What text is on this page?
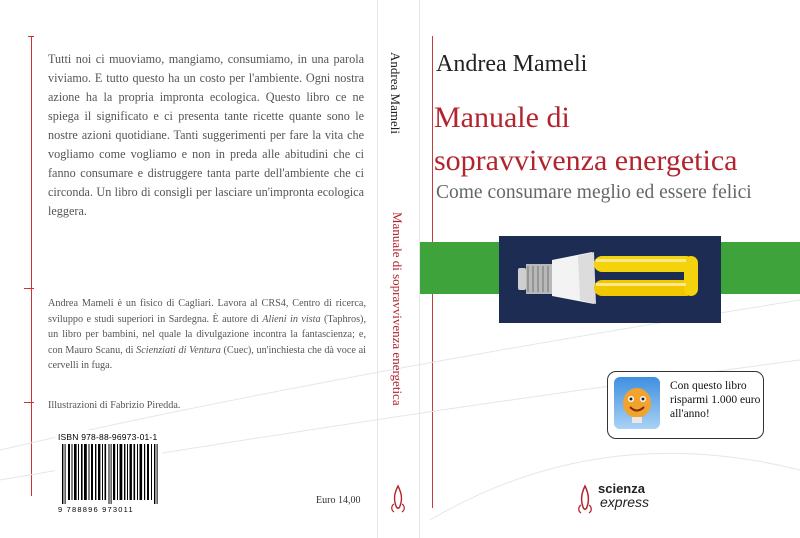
Tutti noi ci muoviamo, mangiamo, consumiamo, in una parola viviamo. E tutto questo ha un costo per l'ambiente. Ogni nostra azione ha la propria impronta ecologica. Questo libro ce ne spiega il significato e ci presenta tante ricette quante sono le nostre azioni quotidiane. Tanti suggerimenti per fare la vita che vogliamo come vogliamo e non in preda alle abitudini che ci fanno consumare e distruggere tanta parte dell'ambiente che ci circonda. Un libro di consigli per lasciare un'impronta ecologica leggera.
Andrea Mameli è un fisico di Cagliari. Lavora al CRS4, Centro di ricerca, sviluppo e studi superiori in Sardegna. È autore di Alieni in vista (Taphros), un libro per bambini, nel quale la divulgazione incontra la fantascienza; e, con Mauro Scanu, di Scienziati di Ventura (Cuec), un'inchiesta che dà voce ai cervelli in fuga.
Illustrazioni di Fabrizio Piredda.
ISBN 978-88-96973-01-1
9 788896 973011
Euro 14,00
Andrea Mameli
Manuale di sopravvivenza energetica
Andrea Mameli
Manuale di
sopravvivenza energetica
Come consumare meglio ed essere felici
Con questo libro
risparmi 1.000 euro
all'anno!
scienza
express
